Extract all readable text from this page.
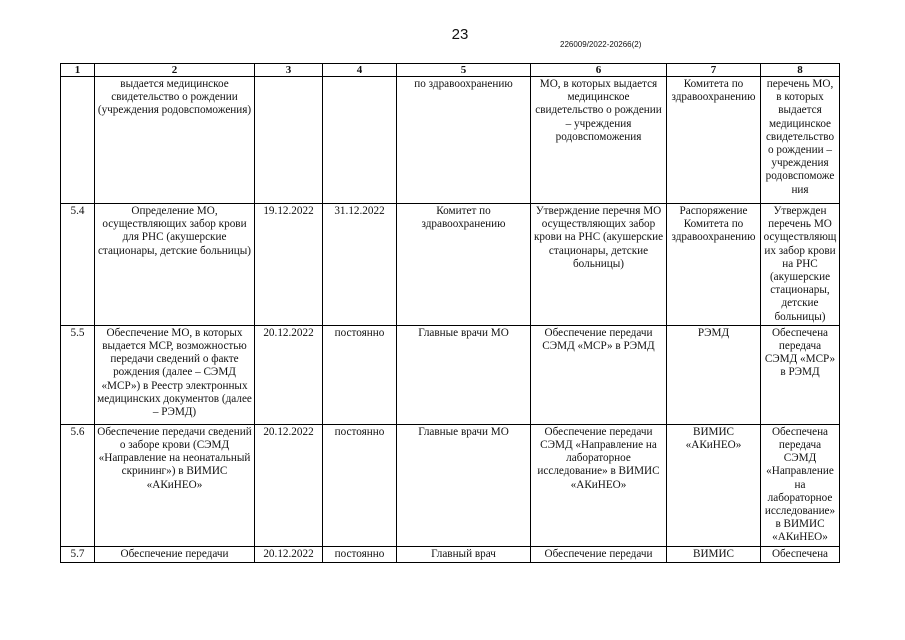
23
226009/2022-20266(2)
1	2	3	4	5	6	7	8
	выдается медицинское свидетельство о рождении (учреждения родовспоможения)			по здравоохранению	МО, в которых выдается медицинское свидетельство о рождении – учреждения родовспоможения	Комитета по здравоохранению	перечень МО, в которых выдается медицинское свидетельство о рождении – учреждения родовспоможения
5.4	Определение МО, осуществляющих забор крови для РНС (акушерские стационары, детские больницы)	19.12.2022	31.12.2022	Комитет по здравоохранению	Утверждение перечня МО осуществляющих забор крови на РНС (акушерские стационары, детские больницы)	Распоряжение Комитета по здравоохранению	Утвержден перечень МО осуществляющих забор крови на РНС (акушерские стационары, детские больницы)
5.5	Обеспечение МО, в которых выдается МСР, возможностью передачи сведений о факте рождения (далее – СЭМД «МСР») в Реестр электронных медицинских документов (далее – РЭМД)	20.12.2022	постоянно	Главные врачи МО	Обеспечение передачи СЭМД «МСР» в РЭМД	РЭМД	Обеспечена передача СЭМД «МСР» в РЭМД
5.6	Обеспечение передачи сведений о заборе крови (СЭМД «Направление на неонатальный скрининг») в ВИМИС «АКиНЕО»	20.12.2022	постоянно	Главные врачи МО	Обеспечение передачи СЭМД «Направление на лабораторное исследование» в ВИМИС «АКиНЕО»	ВИМИС «АКиНЕО»	Обеспечена передача СЭМД «Направление на лабораторное исследование» в ВИМИС «АКиНЕО»
5.7	Обеспечение передачи	20.12.2022	постоянно	Главный врач	Обеспечение передачи	ВИМИС	Обеспечена
